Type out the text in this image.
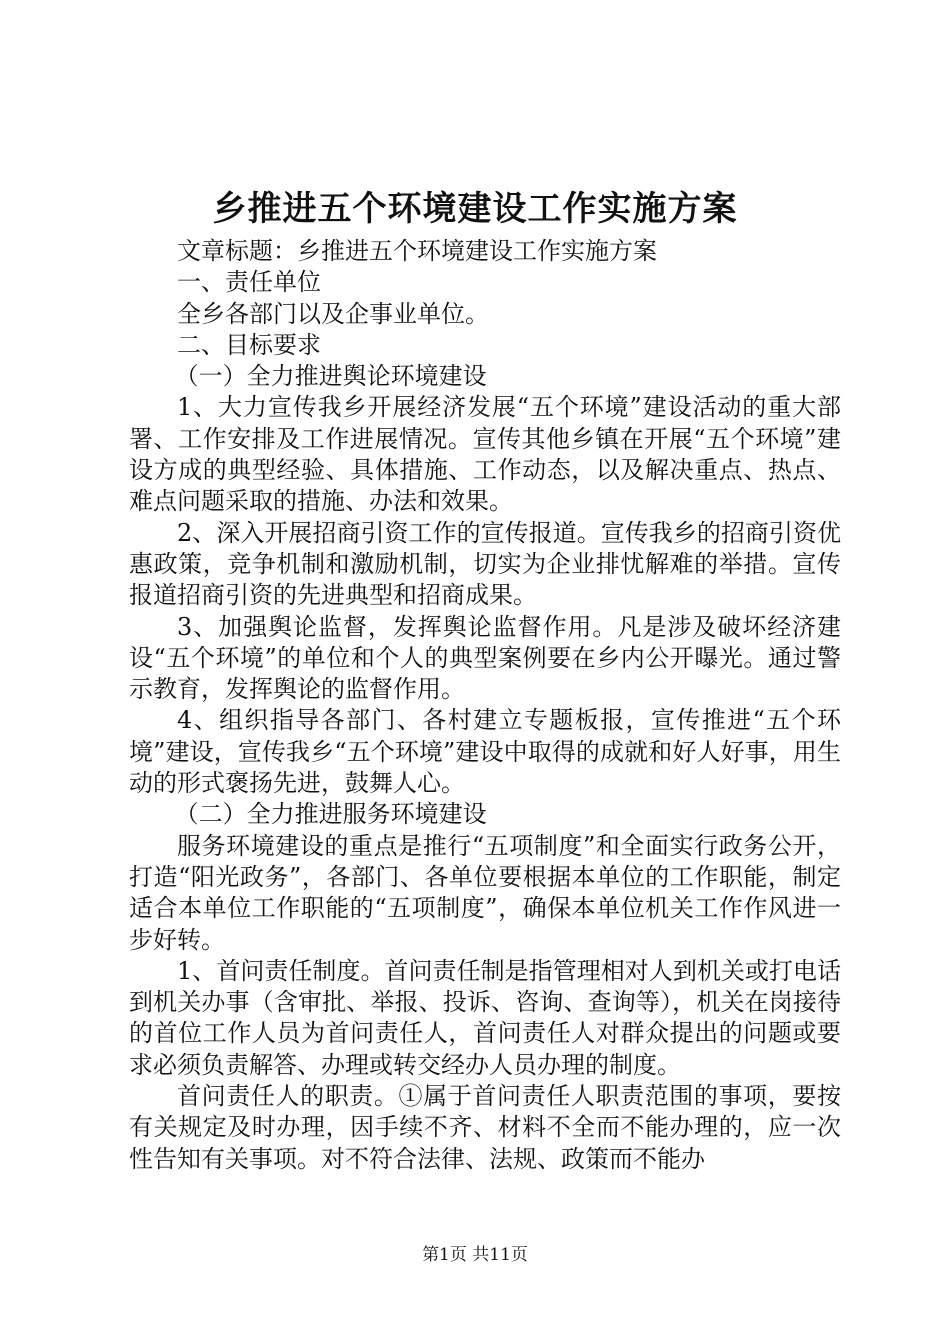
乡推进五个环境建设工作实施方案

文章标题：乡推进五个环境建设工作实施方案

一、责任单位

全乡各部门以及企事业单位。

二、目标要求

（一）全力推进舆论环境建设

1、大力宣传我乡开展经济发展“五个环境”建设活动的重大部署、工作安排及工作进展情况。宣传其他乡镇在开展“五个环境”建设方成的典型经验、具体措施、工作动态，以及解决重点、热点、难点问题采取的措施、办法和效果。

2、深入开展招商引资工作的宣传报道。宣传我乡的招商引资优惠政策，竞争机制和激励机制，切实为企业排忧解难的举措。宣传报道招商引资的先进典型和招商成果。

3、加强舆论监督，发挥舆论监督作用。凡是涉及破坏经济建设“五个环境”的单位和个人的典型案例要在乡内公开曝光。通过警示教育，发挥舆论的监督作用。

4、组织指导各部门、各村建立专题板报，宣传推进“五个环境”建设，宣传我乡“五个环境”建设中取得的成就和好人好事，用生动的形式褒扬先进，鼓舞人心。

（二）全力推进服务环境建设

服务环境建设的重点是推行“五项制度”和全面实行政务公开，打造“阳光政务”，各部门、各单位要根据本单位的工作职能，制定适合本单位工作职能的“五项制度”，确保本单位机关工作作风进一步好转。

1、首问责任制度。首问责任制是指管理相对人到机关或打电话到机关办事（含审批、举报、投诉、咨询、查询等），机关在岗接待的首位工作人员为首问责任人，首问责任人对群众提出的问题或要求必须负责解答、办理或转交经办人员办理的制度。

首问责任人的职责。①属于首问责任人职责范围的事项，要按有关规定及时办理，因手续不齐、材料不全而不能办理的，应一次性告知有关事项。对不符合法律、法规、政策而不能办

第1页 共11页
